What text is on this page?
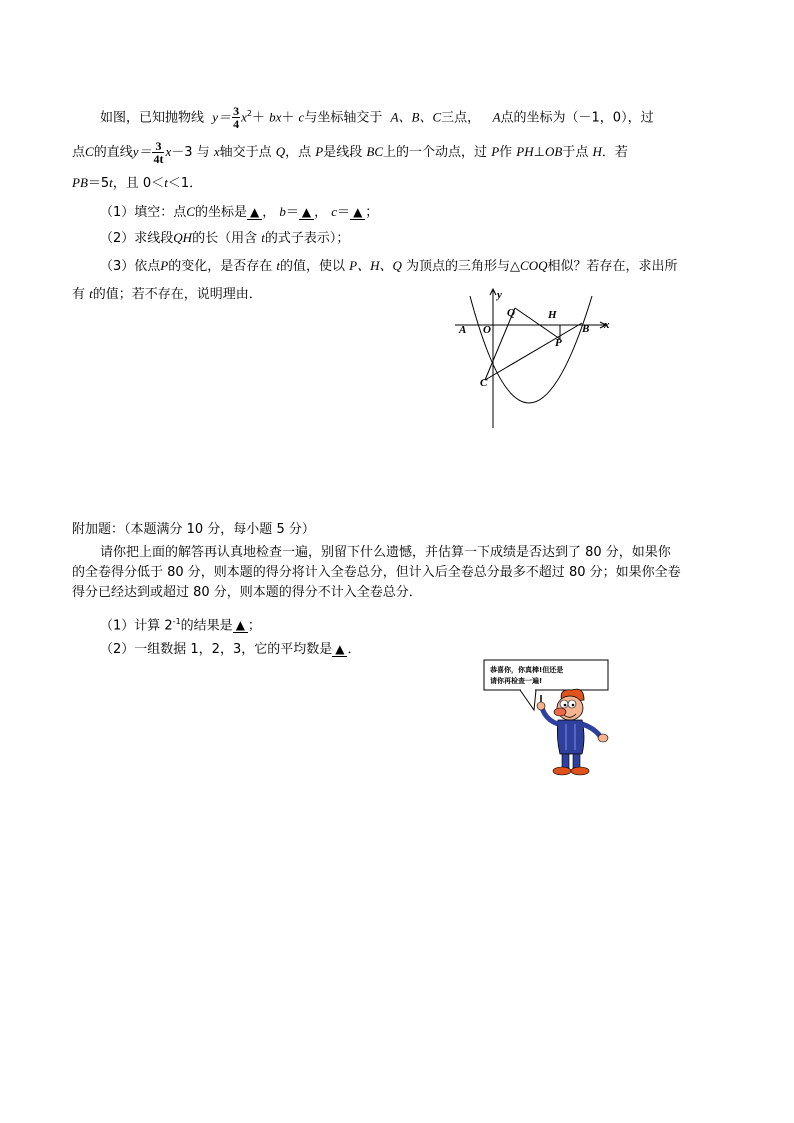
如图，已知抛物线 $y= \frac{3}{4} x^2+ bx+ c$与坐标轴交于 A、B、C三点， A点的坐标为（－1，0），过
点C的直线$y= \frac{3}{4t} x-3$ 与 x轴交于点 Q，点 P是线段 BC上的一个动点，过 P作 PH⊥OB于点 H．若
PB＝5t，且 0＜t＜1．
（1）填空：点C的坐标是 ▲ ， b＝ ▲ ， c＝ ▲ ；
（2）求线段QH的长（用含 t的式子表示）；
（3）依点P的变化，是否存在 t的值，使以 P、H、Q 为顶点的三角形与△COQ相似？若存在，求出所
有 t的值；若不存在，说明理由．	y
x
A O
Q	H
B
P
C
附加题：（本题满分 10 分，每小题 5 分）
请你把上面的解答再认真地检查一遍，别留下什么遗憾，并估算一下成绩是否达到了 80 分，如果你
的全卷得分低于 80 分，则本题的得分将计入全卷总分，但计入后全卷总分最多不超过 80 分；如果你全卷
得分已经达到或超过 80 分，则本题的得分不计入全卷总分．
（1）计算 $2^{-1}$的结果是 ▲ ；
（2）一组数据 1，2，3，它的平均数是 ▲ ．
恭喜你，你真棒!但还是
请你再检查一遍!
